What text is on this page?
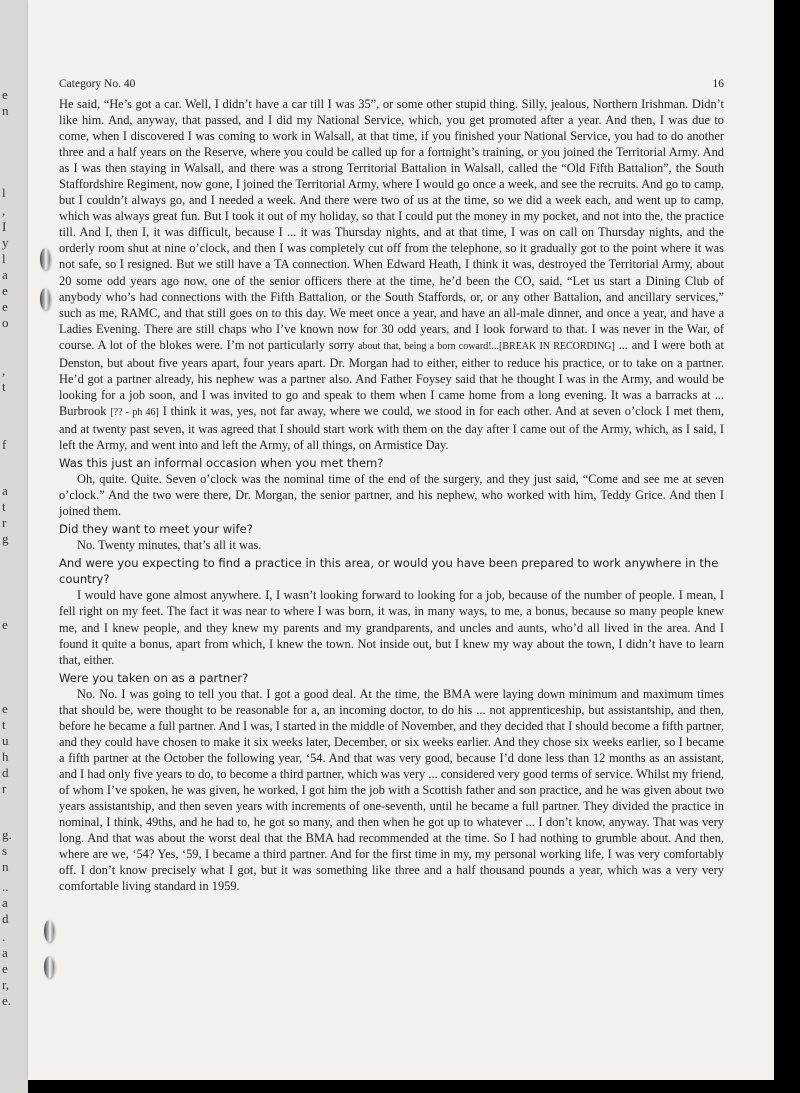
e
n
l
,
I
y
l
a
e
e
o
,
t
f
a
t
r
g
e
e
t
u
h
d
r
g.
s
n
..
a
d
.
a
e
r,
e.
Category No. 40	16

He said, “He’s got a car. Well, I didn’t have a car till I was 35”, or some other stupid thing. Silly, jealous, Northern Irishman. Didn’t like him. And, anyway, that passed, and I did my National Service, which, you get promoted after a year. And then, I was due to come, when I discovered I was coming to work in Walsall, at that time, if you finished your National Service, you had to do another three and a half years on the Reserve, where you could be called up for a fortnight’s training, or you joined the Territorial Army. And as I was then staying in Walsall, and there was a strong Territorial Battalion in Walsall, called the “Old Fifth Battalion”, the South Staffordshire Regiment, now gone, I joined the Territorial Army, where I would go once a week, and see the recruits. And go to camp, but I couldn’t always go, and I needed a week. And there were two of us at the time, so we did a week each, and went up to camp, which was always great fun. But I took it out of my holiday, so that I could put the money in my pocket, and not into the, the practice till. And I, then I, it was difficult, because I ... it was Thursday nights, and at that time, I was on call on Thursday nights, and the orderly room shut at nine o’clock, and then I was completely cut off from the telephone, so it gradually got to the point where it was not safe, so I resigned. But we still have a TA connection. When Edward Heath, I think it was, destroyed the Territorial Army, about 20 some odd years ago now, one of the senior officers there at the time, he’d been the CO, said, “Let us start a Dining Club of anybody who’s had connections with the Fifth Battalion, or the South Staffords, or, or any other Battalion, and ancillary services,” such as me, RAMC, and that still goes on to this day. We meet once a year, and have an all-male dinner, and once a year, and have a Ladies Evening. There are still chaps who I’ve known now for 30 odd years, and I look forward to that. I was never in the War, of course. A lot of the blokes were. I’m not particularly sorry about that, being a born coward!...[BREAK IN RECORDING] ... and I were both at Denston, but about five years apart, four years apart. Dr. Morgan had to either, either to reduce his practice, or to take on a partner. He’d got a partner already, his nephew was a partner also. And Father Foysey said that he thought I was in the Army, and would be looking for a job soon, and I was invited to go and speak to them when I came home from a long evening. It was a barracks at ... Burbrook [?? - ph 46] I think it was, yes, not far away, where we could, we stood in for each other. And at seven o’clock I met them, and at twenty past seven, it was agreed that I should start work with them on the day after I came out of the Army, which, as I said, I left the Army, and went into and left the Army, of all things, on Armistice Day.

Was this just an informal occasion when you met them?

Oh, quite. Quite. Seven o’clock was the nominal time of the end of the surgery, and they just said, “Come and see me at seven o’clock.” And the two were there, Dr. Morgan, the senior partner, and his nephew, who worked with him, Teddy Grice. And then I joined them.

Did they want to meet your wife?

No. Twenty minutes, that’s all it was.

And were you expecting to find a practice in this area, or would you have been prepared to work anywhere in the country?

I would have gone almost anywhere. I, I wasn’t looking forward to looking for a job, because of the number of people. I mean, I fell right on my feet. The fact it was near to where I was born, it was, in many ways, to me, a bonus, because so many people knew me, and I knew people, and they knew my parents and my grandparents, and uncles and aunts, who’d all lived in the area. And I found it quite a bonus, apart from which, I knew the town. Not inside out, but I knew my way about the town, I didn’t have to learn that, either.

Were you taken on as a partner?

No. No. I was going to tell you that. I got a good deal. At the time, the BMA were laying down minimum and maximum times that should be, were thought to be reasonable for a, an incoming doctor, to do his ... not apprenticeship, but assistantship, and then, before he became a full partner. And I was, I started in the middle of November, and they decided that I should become a fifth partner, and they could have chosen to make it six weeks later, December, or six weeks earlier. And they chose six weeks earlier, so I became a fifth partner at the October the following year, ‘54. And that was very good, because I’d done less than 12 months as an assistant, and I had only five years to do, to become a third partner, which was very ... considered very good terms of service. Whilst my friend, of whom I’ve spoken, he was given, he worked, I got him the job with a Scottish father and son practice, and he was given about two years assistantship, and then seven years with increments of one-seventh, until he became a full partner. They divided the practice in nominal, I think, 49ths, and he had to, he got so many, and then when he got up to whatever ... I don’t know, anyway. That was very long. And that was about the worst deal that the BMA had recommended at the time. So I had nothing to grumble about. And then, where are we, ‘54? Yes, ‘59, I became a third partner. And for the first time in my, my personal working life, I was very comfortably off. I don’t know precisely what I got, but it was something like three and a half thousand pounds a year, which was a very very comfortable living standard in 1959.
